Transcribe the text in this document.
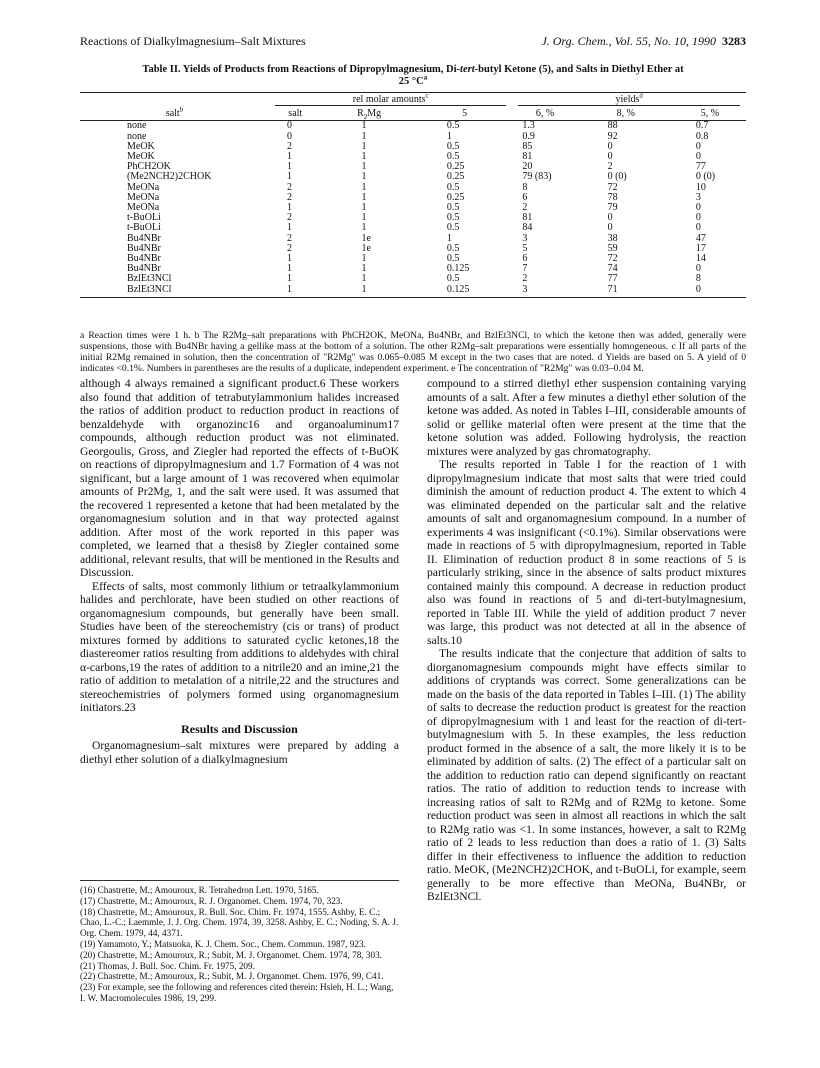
Reactions of Dialkylmagnesium–Salt Mixtures	J. Org. Chem., Vol. 55, No. 10, 1990 3283
Table II. Yields of Products from Reactions of Dipropylmagnesium, Di-tert-butyl Ketone (5), and Salts in Diethyl Ether at
25 $^\circ C^a$

	rel molar amounts$^c$			yields$^d$

salt$^b$	salt	$R_2Mg$	5	6, %	8, %	5, %
none	0	1	0.5	1.3	88	0.7
none	0	1	1	0.9	92	0.8
MeOK	2	1	0.5	85	0	0
MeOK	1	1	0.5	81	0	0
PhCH2OK	1	1	0.25	20	2	77
(Me2NCH2)2CHOK	1	1	0.25	79 (83)	0 (0)	0 (0)
MeONa	2	1	0.5	8	72	10
MeONa	2	1	0.25	6	78	3
MeONa	1	1	0.5	2	79	0
t-BuOLi	2	1	0.5	81	0	0
t-BuOLi	1	1	0.5	84	0	0
Bu4NBr	2	1e	1	3	38	47
Bu4NBr	2	1e	0.5	5	59	17
Bu4NBr	1	1	0.5	6	72	14
Bu4NBr	1	1	0.125	7	74	0
BzlEt3NCl	1	1	0.5	2	77	8
BzlEt3NCl	1	1	0.125	3	71	0
a Reaction times were 1 h. b The R2Mg–salt preparations with PhCH2OK, MeONa, Bu4NBr, and BzlEt3NCl, to which the ketone then was added, generally were suspensions, those with Bu4NBr having a gellike mass at the bottom of a solution. The other R2Mg–salt preparations were essentially homogeneous. c If all parts of the initial R2Mg remained in solution, then the concentration of "R2Mg" was 0.065–0.085 M except in the two cases that are noted. d Yields are based on 5. A yield of 0 indicates <0.1%. Numbers in parentheses are the results of a duplicate, independent experiment. e The concentration of "R2Mg" was 0.03–0.04 M.

although 4 always remained a significant product.6 These workers also found that addition of tetrabutylammonium halides increased the ratios of addition product to reduction product in reactions of benzaldehyde with organozinc16 and organoaluminum17 compounds, although reduction product was not eliminated. Georgoulis, Gross, and Ziegler had reported the effects of t-BuOK on reactions of dipropylmagnesium and 1.7 Formation of 4 was not significant, but a large amount of 1 was recovered when equimolar amounts of Pr2Mg, 1, and the salt were used. It was assumed that the recovered 1 represented a ketone that had been metalated by the organomagnesium solution and in that way protected against addition. After most of the work reported in this paper was completed, we learned that a thesis8 by Ziegler contained some additional, relevant results, that will be mentioned in the Results and Discussion.

Effects of salts, most commonly lithium or tetraalkylammonium halides and perchlorate, have been studied on other reactions of organomagnesium compounds, but generally have been small. Studies have been of the stereochemistry (cis or trans) of product mixtures formed by additions to saturated cyclic ketones,18 the diastereomer ratios resulting from additions to aldehydes with chiral α-carbons,19 the rates of addition to a nitrile20 and an imine,21 the ratio of addition to metalation of a nitrile,22 and the structures and stereochemistries of polymers formed using organomagnesium initiators.23

Results and Discussion

Organomagnesium–salt mixtures were prepared by adding a diethyl ether solution of a dialkylmagnesium

(16) Chastrette, M.; Amouroux, R. Tetrahedron Lett. 1970, 5165.
(17) Chastrette, M.; Amouroux, R. J. Organomet. Chem. 1974, 70, 323.
(18) Chastrette, M.; Amouroux, R. Bull. Soc. Chim. Fr. 1974, 1555. Ashby, E. C.; Chao, L.-C.; Laemmle, J. J. Org. Chem. 1974, 39, 3258. Ashby, E. C.; Noding, S. A. J. Org. Chem. 1979, 44, 4371.
(19) Yamamoto, Y.; Matsuoka, K. J. Chem. Soc., Chem. Commun. 1987, 923.
(20) Chastrette, M.; Amouroux, R.; Subit, M. J. Organomet. Chem. 1974, 78, 303.
(21) Thomas, J. Bull. Soc. Chim. Fr. 1975, 209.
(22) Chastrette, M.; Amouroux, R.; Subit, M. J. Organomet. Chem. 1976, 99, C41.
(23) For example, see the following and references cited therein: Hsieh, H. L.; Wang, I. W. Macromolecules 1986, 19, 299.

compound to a stirred diethyl ether suspension containing varying amounts of a salt. After a few minutes a diethyl ether solution of the ketone was added. As noted in Tables I–III, considerable amounts of solid or gellike material often were present at the time that the ketone solution was added. Following hydrolysis, the reaction mixtures were analyzed by gas chromatography.

The results reported in Table I for the reaction of 1 with dipropylmagnesium indicate that most salts that were tried could diminish the amount of reduction product 4. The extent to which 4 was eliminated depended on the particular salt and the relative amounts of salt and organomagnesium compound. In a number of experiments 4 was insignificant (<0.1%). Similar observations were made in reactions of 5 with dipropylmagnesium, reported in Table II. Elimination of reduction product 8 in some reactions of 5 is particularly striking, since in the absence of salts product mixtures contained mainly this compound. A decrease in reduction product also was found in reactions of 5 and di-tert-butylmagnesium, reported in Table III. While the yield of addition product 7 never was large, this product was not detected at all in the absence of salts.10

The results indicate that the conjecture that addition of salts to diorganomagnesium compounds might have effects similar to additions of cryptands was correct. Some generalizations can be made on the basis of the data reported in Tables I–III. (1) The ability of salts to decrease the reduction product is greatest for the reaction of dipropylmagnesium with 1 and least for the reaction of di-tert-butylmagnesium with 5. In these examples, the less reduction product formed in the absence of a salt, the more likely it is to be eliminated by addition of salts. (2) The effect of a particular salt on the addition to reduction ratio can depend significantly on reactant ratios. The ratio of addition to reduction tends to increase with increasing ratios of salt to R2Mg and of R2Mg to ketone. Some reduction product was seen in almost all reactions in which the salt to R2Mg ratio was <1. In some instances, however, a salt to R2Mg ratio of 2 leads to less reduction than does a ratio of 1. (3) Salts differ in their effectiveness to influence the addition to reduction ratio. MeOK, (Me2NCH2)2CHOK, and t-BuOLi, for example, seem generally to be more effective than MeONa, Bu4NBr, or BzlEt3NCl.
